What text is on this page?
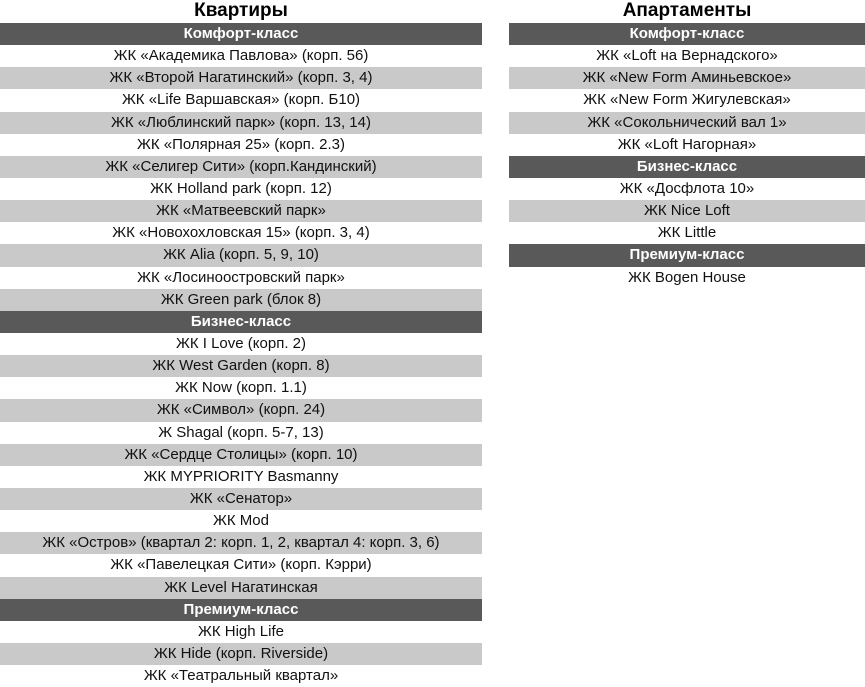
Квартиры
Комфорт-класс
ЖК «Академика Павлова» (корп. 56)
ЖК «Второй Нагатинский» (корп. 3, 4)
ЖК «Life Варшавская» (корп. Б10)
ЖК «Люблинский парк» (корп. 13, 14)
ЖК «Полярная 25» (корп. 2.3)
ЖК «Селигер Сити» (корп.Кандинский)
ЖК Holland park (корп. 12)
ЖК «Матвеевский парк»
ЖК «Новохохловская 15» (корп. 3, 4)
ЖК Alia (корп. 5, 9, 10)
ЖК «Лосиноостровский парк»
ЖК Green park (блок 8)
Бизнес-класс
ЖК I Love (корп. 2)
ЖК West Garden (корп. 8)
ЖК Now (корп. 1.1)
ЖК «Символ» (корп. 24)
Ж Shagal (корп. 5-7, 13)
ЖК «Сердце Столицы» (корп. 10)
ЖК MYPRIORITY Basmanny
ЖК «Сенатор»
ЖК Mod
ЖК «Остров» (квартал 2: корп. 1, 2, квартал 4: корп. 3, 6)
ЖК «Павелецкая Сити» (корп. Кэрри)
ЖК Level Нагатинская
Премиум-класс
ЖК High Life
ЖК Hide (корп. Riverside)
ЖК «Театральный квартал»
Апартаменты
Комфорт-класс
ЖК «Loft на Вернадского»
ЖК «New Form Аминьевское»
ЖК «New Form Жигулевская»
ЖК «Сокольнический вал 1»
ЖК «Loft Нагорная»
Бизнес-класс
ЖК «Досфлота 10»
ЖК Nice Loft
ЖК Little
Премиум-класс
ЖК Bogen House
